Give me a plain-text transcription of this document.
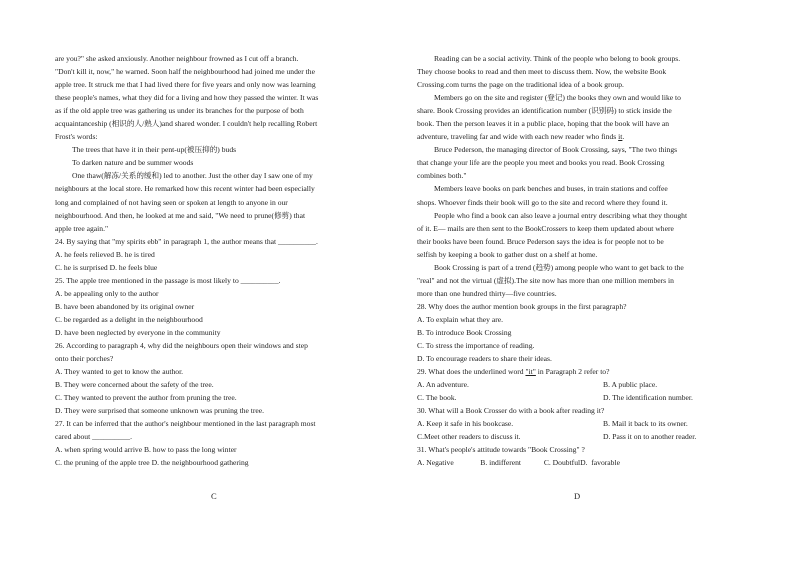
are you?" she asked anxiously. Another neighbour frowned as I cut off a branch.

"Don't kill it, now," he warned. Soon half the neighbourhood had joined me under the

apple tree. It struck me that I had lived there for five years and only now was learning

these people's names, what they did for a living and how they passed the winter. It was

as if the old apple tree was gathering us under its branches for the purpose of both

acquaintanceship (相识的人/熟人)and shared wonder. I couldn't help recalling Robert

Frost's words:

The trees that have it in their pent-up(被压抑的) buds

To darken nature and be summer woods

One thaw(解冻/关系的缓和) led to another. Just the other day I saw one of my

neighbours at the local store. He remarked how this recent winter had been especially

long and complained of not having seen or spoken at length to anyone in our

neighbourhood. And then, he looked at me and said, "We need to prune(修剪) that

apple tree again."

24. By saying that "my spirits ebb" in paragraph 1, the author means that __________.

A. he feels relieved B. he is tired

C. he is surprised D. he feels blue

25. The apple tree mentioned in the passage is most likely to __________.

A. be appealing only to the author

B. have been abandoned by its original owner

C. be regarded as a delight in the neighbourhood

D. have been neglected by everyone in the community

26. According to paragraph 4, why did the neighbours open their windows and step

onto their porches?

A. They wanted to get to know the author.

B. They were concerned about the safety of the tree.

C. They wanted to prevent the author from pruning the tree.

D. They were surprised that someone unknown was pruning the tree.

27. It can be inferred that the author's neighbour mentioned in the last paragraph most

cared about __________.

A. when spring would arrive B. how to pass the long winter

C. the pruning of the apple tree D. the neighbourhood gathering

Reading can be a social activity. Think of the people who belong to book groups.

They choose books to read and then meet to discuss them. Now, the website Book

Crossing.com turns the page on the traditional idea of a book group.

Members go on the site and register (登记) the books they own and would like to

share. Book Crossing provides an identification number (识别码) to stick inside the

book. Then the person leaves it in a public place, hoping that the book will have an

adventure, traveling far and wide with each new reader who finds it.

Bruce Pederson, the managing director of Book Crossing, says, "The two things

that change your life are the people you meet and books you read. Book Crossing

combines both."

Members leave books on park benches and buses, in train stations and coffee

shops. Whoever finds their book will go to the site and record where they found it.

People who find a book can also leave a journal entry describing what they thought

of it. E— mails are then sent to the BookCrossers to keep them updated about where

their books have been found. Bruce Pederson says the idea is for people not to be

selfish by keeping a book to gather dust on a shelf at home.

Book Crossing is part of a trend (趋势) among people who want to get back to the

"real" and not the virtual (虚拟).The site now has more than one million members in

more than one hundred thirty—five countries.

28. Why does the author mention book groups in the first paragraph?

A. To explain what they are.

B. To introduce Book Crossing

C. To stress the importance of reading.

D. To encourage readers to share their ideas.

29. What does the underlined word "it" in Paragraph 2 refer to?

A. An adventure.	B. A public place.
C. The book.	D. The identification number.

30. What will a Book Crosser do with a book after reading it?

A. Keep it safe in his bookcase.	B. Mail it back to its owner.
C.Meet other readers to discuss it.	D. Pass it on to another reader.

31. What's people's attitude towards "Book Crossing" ?

A. Negative              B. indifferent            C. DoubtfulD.  favorable

C	D
